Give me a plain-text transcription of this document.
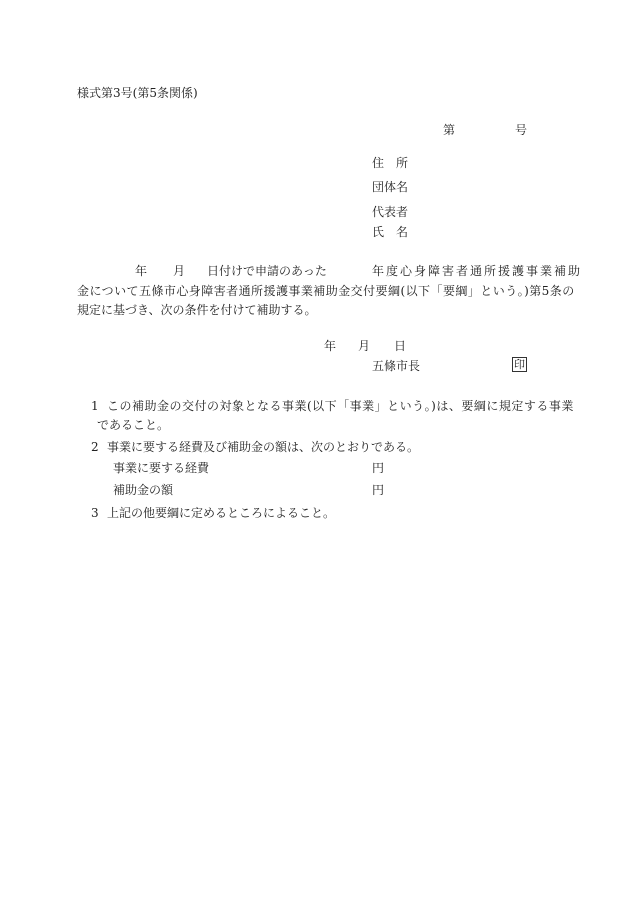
様式第3号(第5条関係)

第	号
住　所
団体名
代表者
氏　名
年 月 日付けで申請のあった	年度心身障害者通所援護事業補助
金について五條市心身障害者通所援護事業補助金交付要綱(以下「要綱」という。)第5条の
規定に基づき、次の条件を付けて補助する。
年 月 日
五條市長	印
1 この補助金の交付の対象となる事業(以下「事業」という。)は、要綱に規定する事業
であること。
2 事業に要する経費及び補助金の額は、次のとおりである。
事業に要する経費	円
補助金の額	円
3 上記の他要綱に定めるところによること。
